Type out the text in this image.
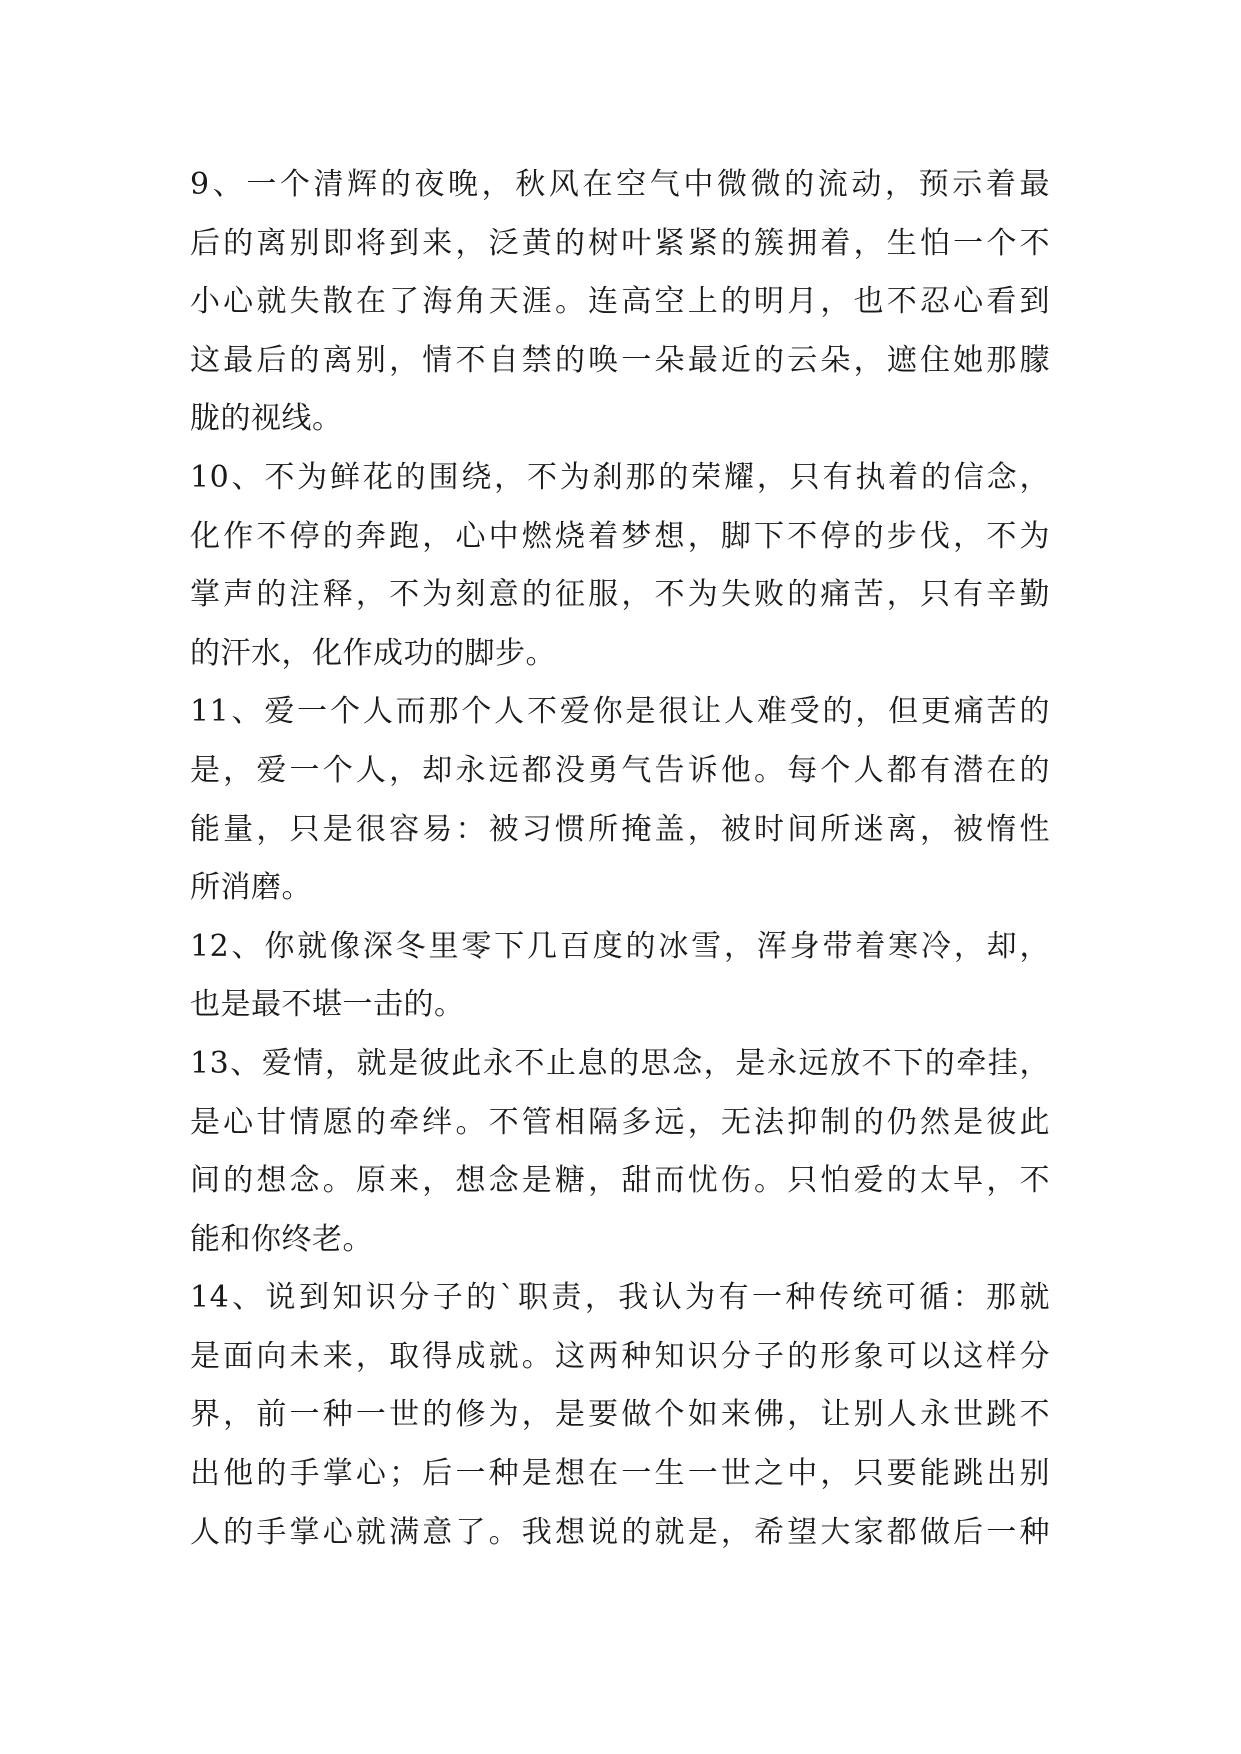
9、一个清辉的夜晚，秋风在空气中微微的流动，预示着最
后的离别即将到来，泛黄的树叶紧紧的簇拥着，生怕一个不
小心就失散在了海角天涯。连高空上的明月，也不忍心看到
这最后的离别，情不自禁的唤一朵最近的云朵，遮住她那朦
胧的视线。
10、不为鲜花的围绕，不为刹那的荣耀，只有执着的信念，
化作不停的奔跑，心中燃烧着梦想，脚下不停的步伐，不为
掌声的注释，不为刻意的征服，不为失败的痛苦，只有辛勤
的汗水，化作成功的脚步。
11、爱一个人而那个人不爱你是很让人难受的，但更痛苦的
是，爱一个人，却永远都没勇气告诉他。每个人都有潜在的
能量，只是很容易：被习惯所掩盖，被时间所迷离，被惰性
所消磨。
12、你就像深冬里零下几百度的冰雪，浑身带着寒冷，却，
也是最不堪一击的。
13、爱情，就是彼此永不止息的思念，是永远放不下的牵挂，
是心甘情愿的牵绊。不管相隔多远，无法抑制的仍然是彼此
间的想念。原来，想念是糖，甜而忧伤。只怕爱的太早，不
能和你终老。
14、说到知识分子的`职责，我认为有一种传统可循：那就
是面向未来，取得成就。这两种知识分子的形象可以这样分
界，前一种一世的修为，是要做个如来佛，让别人永世跳不
出他的手掌心；后一种是想在一生一世之中，只要能跳出别
人的手掌心就满意了。我想说的就是，希望大家都做后一种
